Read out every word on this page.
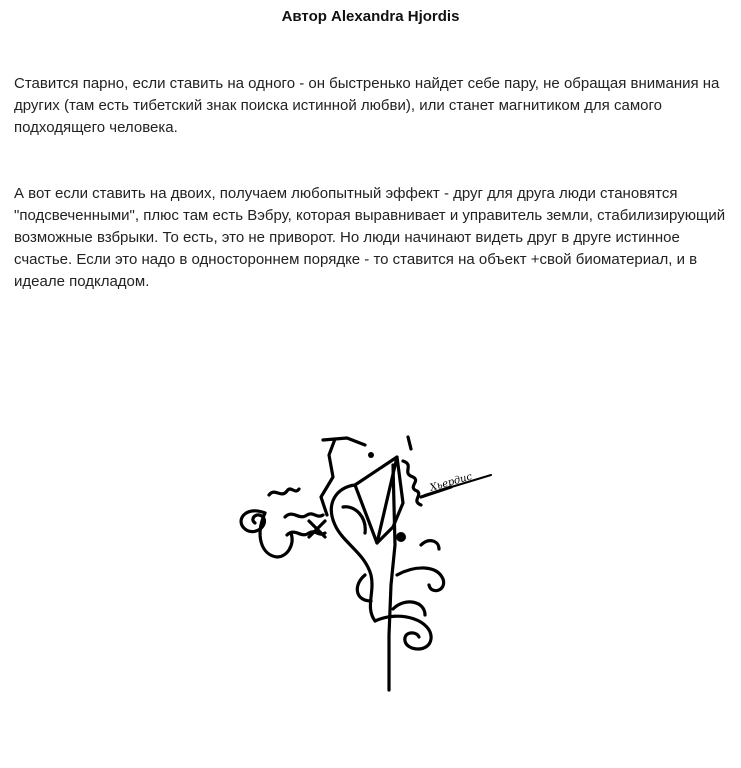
Автор Alexandra Hjordis

Ставится парно, если ставить на одного - он быстренько найдет себе пару, не обращая внимания на других (там есть тибетский знак поиска истинной любви), или станет магнитиком для самого подходящего человека.

А вот если ставить на двоих, получаем любопытный эффект - друг для друга люди становятся "подсвеченными", плюс там есть Вэбру, которая выравнивает и управитель земли, стабилизирующий возможные взбрыки. То есть, это не приворот. Но люди начинают видеть друг в друге истинное счастье. Если это надо в одностороннем порядке - то ставится на объект +свой биоматериал, и в идеале подкладом.

Хьердис
